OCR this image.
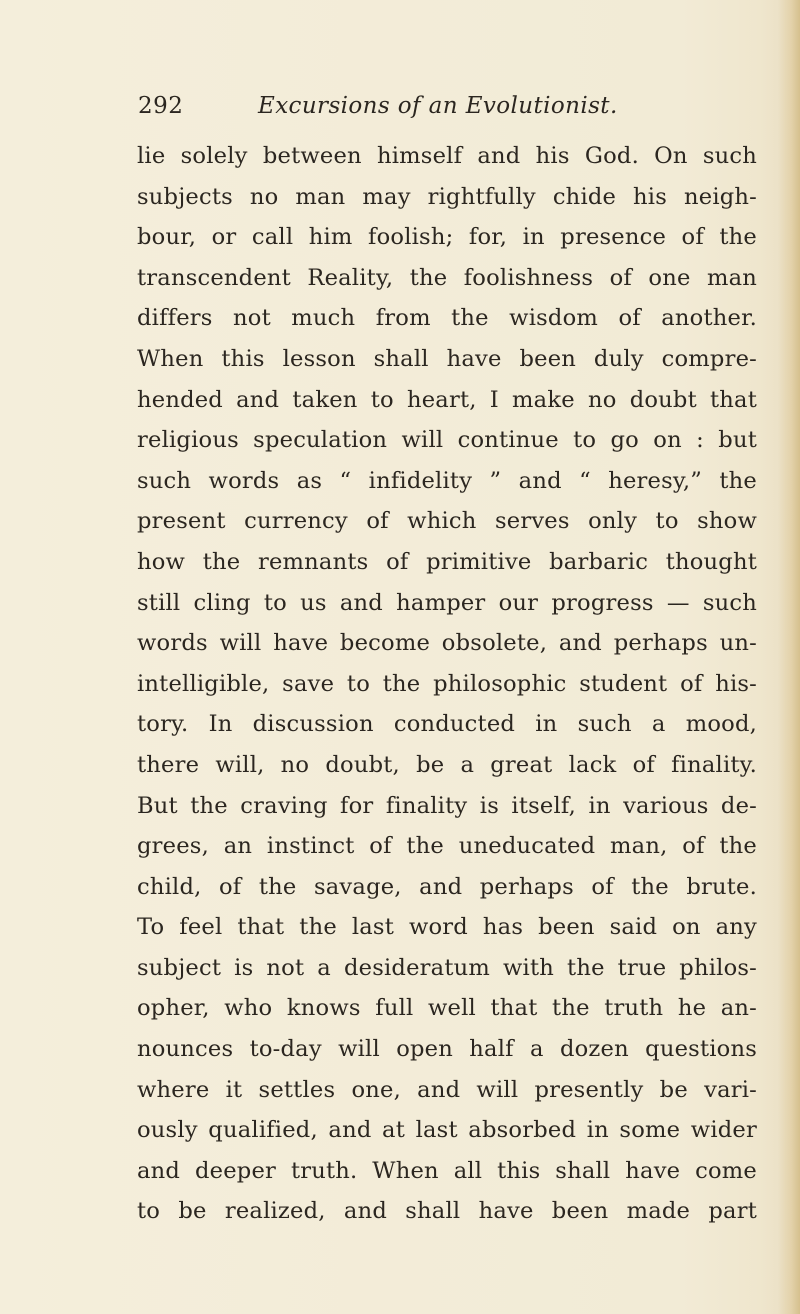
292	Excursions of an Evolutionist.
lie solely between himself and his God. On such
subjects no man may rightfully chide his neigh-
bour, or call him foolish; for, in presence of the
transcendent Reality, the foolishness of one man
differs not much from the wisdom of another.
When this lesson shall have been duly compre-
hended and taken to heart, I make no doubt that
religious speculation will continue to go on : but
such words as “ infidelity ” and “ heresy,” the
present currency of which serves only to show
how the remnants of primitive barbaric thought
still cling to us and hamper our progress — such
words will have become obsolete, and perhaps un-
intelligible, save to the philosophic student of his-
tory. In discussion conducted in such a mood,
there will, no doubt, be a great lack of finality.
But the craving for finality is itself, in various de-
grees, an instinct of the uneducated man, of the
child, of the savage, and perhaps of the brute.
To feel that the last word has been said on any
subject is not a desideratum with the true philos-
opher, who knows full well that the truth he an-
nounces to-day will open half a dozen questions
where it settles one, and will presently be vari-
ously qualified, and at last absorbed in some wider
and deeper truth. When all this shall have come
to be realized, and shall have been made part
